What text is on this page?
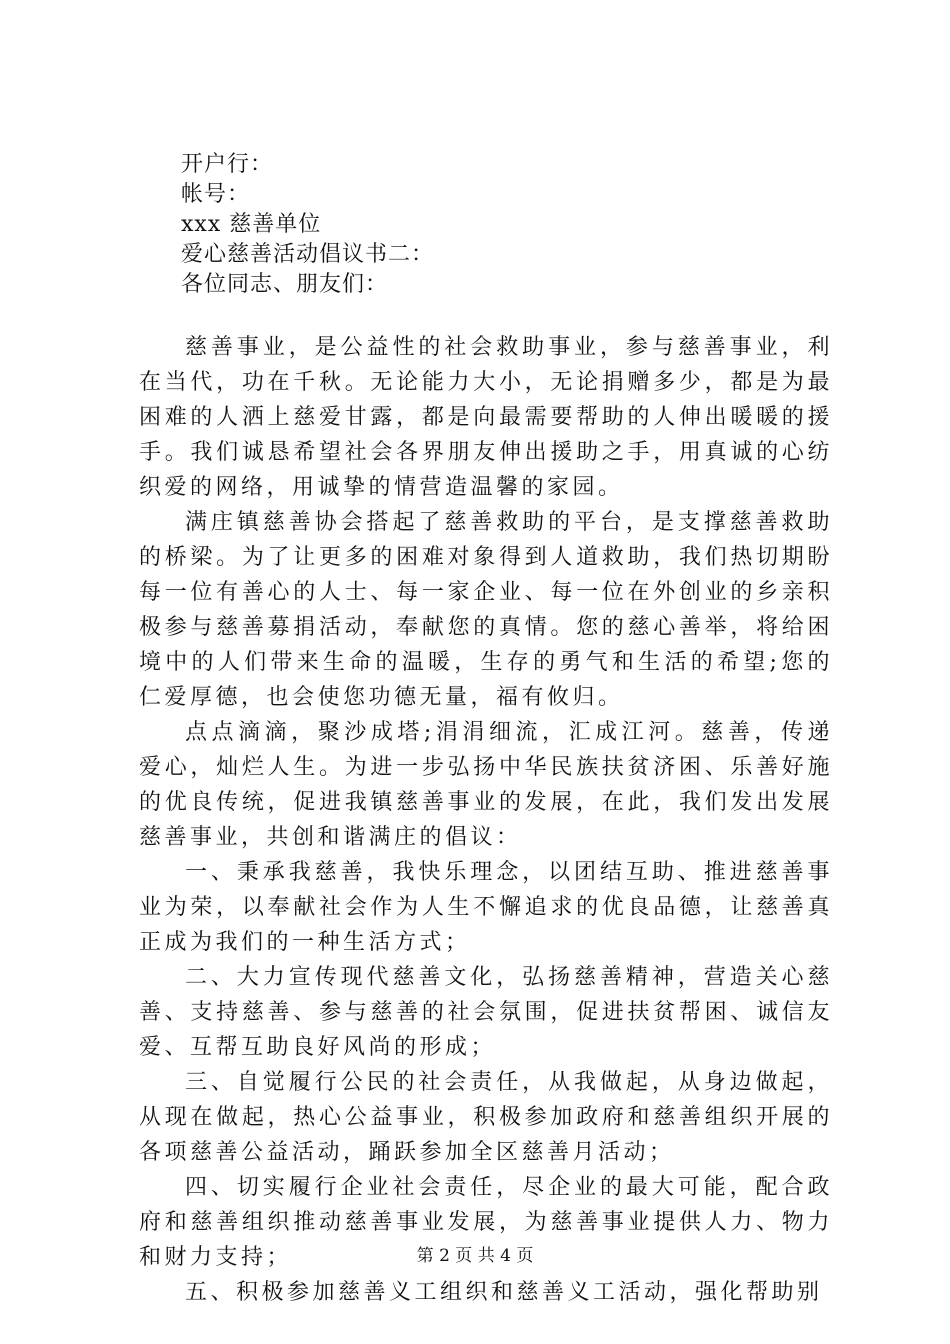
开户行：
帐号：
xxx 慈善单位
爱心慈善活动倡议书二：
各位同志、朋友们：

慈善事业，是公益性的社会救助事业，参与慈善事业，利在当代，功在千秋。无论能力大小，无论捐赠多少，都是为最困难的人洒上慈爱甘露，都是向最需要帮助的人伸出暖暖的援手。我们诚恳希望社会各界朋友伸出援助之手，用真诚的心纺织爱的网络，用诚挚的情营造温馨的家园。

满庄镇慈善协会搭起了慈善救助的平台，是支撑慈善救助的桥梁。为了让更多的困难对象得到人道救助，我们热切期盼每一位有善心的人士、每一家企业、每一位在外创业的乡亲积极参与慈善募捐活动，奉献您的真情。您的慈心善举，将给困境中的人们带来生命的温暖，生存的勇气和生活的希望;您的仁爱厚德，也会使您功德无量，福有攸归。

点点滴滴，聚沙成塔;涓涓细流，汇成江河。慈善，传递爱心，灿烂人生。为进一步弘扬中华民族扶贫济困、乐善好施的优良传统，促进我镇慈善事业的发展，在此，我们发出发展慈善事业，共创和谐满庄的倡议：

一、秉承我慈善，我快乐理念，以团结互助、推进慈善事业为荣，以奉献社会作为人生不懈追求的优良品德，让慈善真正成为我们的一种生活方式；

二、大力宣传现代慈善文化，弘扬慈善精神，营造关心慈善、支持慈善、参与慈善的社会氛围，促进扶贫帮困、诚信友爱、互帮互助良好风尚的形成；

三、自觉履行公民的社会责任，从我做起，从身边做起，从现在做起，热心公益事业，积极参加政府和慈善组织开展的各项慈善公益活动，踊跃参加全区慈善月活动；

四、切实履行企业社会责任，尽企业的最大可能，配合政府和慈善组织推动慈善事业发展，为慈善事业提供人力、物力和财力支持；

五、积极参加慈善义工组织和慈善义工活动，强化帮助别

第 2 页 共 4 页
